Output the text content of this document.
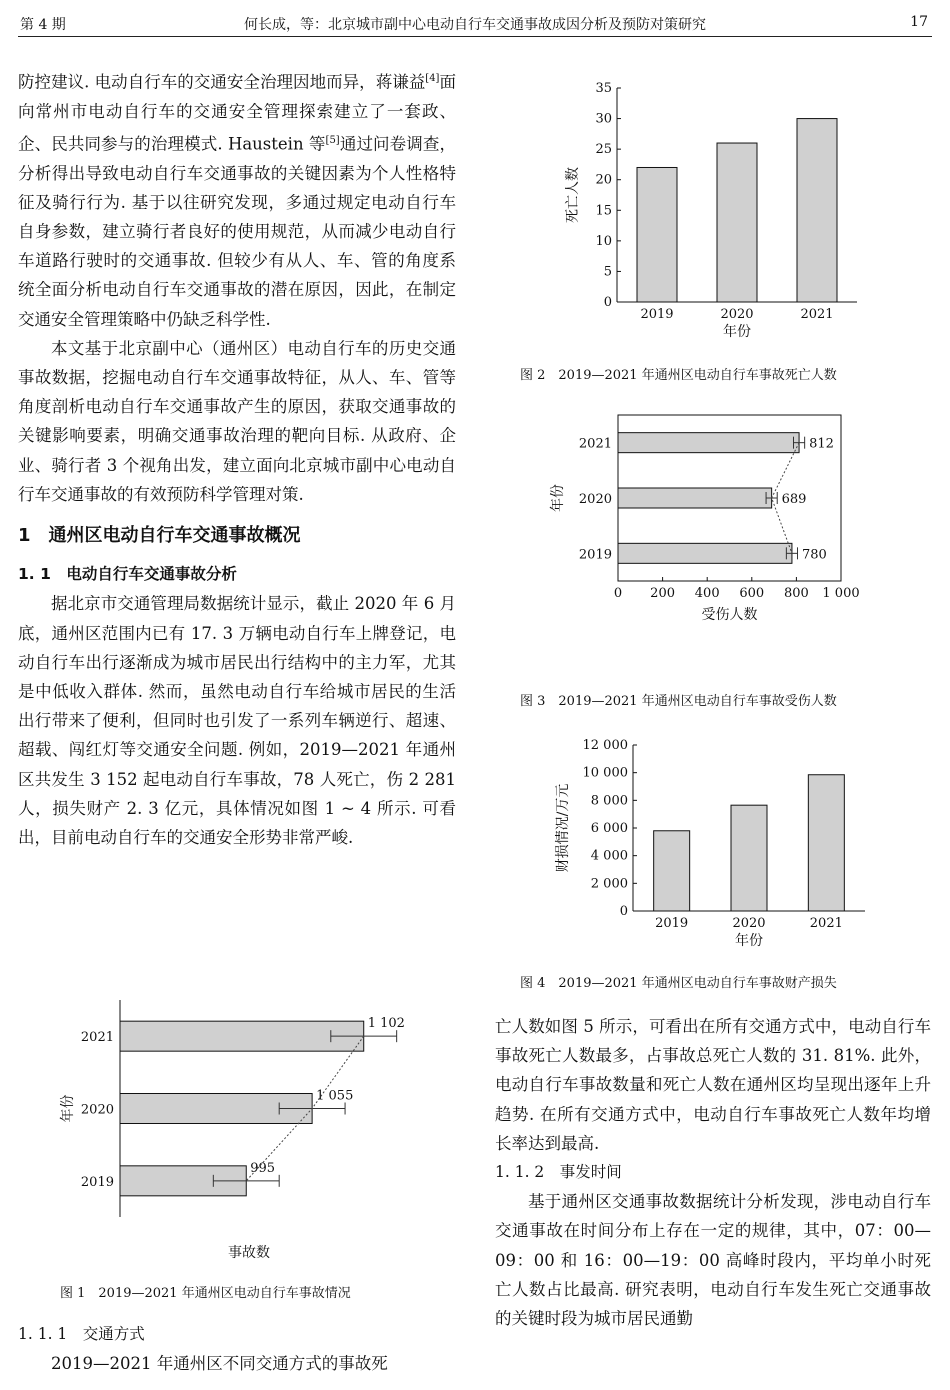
第 4 期	何长成，等：北京城市副中心电动自行车交通事故成因分析及预防对策研究	17

防控建议. 电动自行车的交通安全治理因地而异，蒋谦益[4]面向常州市电动自行车的交通安全管理探索建立了一套政、企、民共同参与的治理模式. Haustein 等[5]通过问卷调查，分析得出导致电动自行车交通事故的关键因素为个人性格特征及骑行行为. 基于以往研究发现，多通过规定电动自行车自身参数，建立骑行者良好的使用规范，从而减少电动自行车道路行驶时的交通事故. 但较少有从人、车、管的角度系统全面分析电动自行车交通事故的潜在原因，因此，在制定交通安全管理策略中仍缺乏科学性.

本文基于北京副中心（通州区）电动自行车的历史交通事故数据，挖掘电动自行车交通事故特征，从人、车、管等角度剖析电动自行车交通事故产生的原因，获取交通事故的关键影响要素，明确交通事故治理的靶向目标. 从政府、企业、骑行者 3 个视角出发，建立面向北京城市副中心电动自行车交通事故的有效预防科学管理对策.

1　通州区电动自行车交通事故概况

1. 1　电动自行车交通事故分析

据北京市交通管理局数据统计显示，截止 2020 年 6 月底，通州区范围内已有 17. 3 万辆电动自行车上牌登记，电动自行车出行逐渐成为城市居民出行结构中的主力军，尤其是中低收入群体. 然而，虽然电动自行车给城市居民的生活出行带来了便利，但同时也引发了一系列车辆逆行、超速、超载、闯红灯等交通安全问题. 例如，2019—2021 年通州区共发生 3 152 起电动自行车事故，78 人死亡，伤 2 281 人，损失财产 2. 3 亿元，具体情况如图 1 ~ 4 所示. 可看出，目前电动自行车的交通安全形势非常严峻.

2021
1 102
2020
1 055
2019
995
事故数
年份
图 1　2019—2021 年通州区电动自行车事故情况

1. 1. 1　交通方式

2019—2021 年通州区不同交通方式的事故死

0
5
10
15
20
25
30
35
2019	2020	2021
年份
死亡人数
图 2　2019—2021 年通州区电动自行车事故死亡人数
2021	812
2020	689
2019	780
0 200 400 600 800 1 000
受伤人数
年份
图 3　2019—2021 年通州区电动自行车事故受伤人数
0
2 000
4 000
6 000
8 000
10 000
12 000
2019	2020	2021
年份
财损情况/万元
图 4　2019—2021 年通州区电动自行车事故财产损失

亡人数如图 5 所示，可看出在所有交通方式中，电动自行车事故死亡人数最多，占事故总死亡人数的 31. 81%. 此外，电动自行车事故数量和死亡人数在通州区均呈现出逐年上升趋势. 在所有交通方式中，电动自行车事故死亡人数年均增长率达到最高.

1. 1. 2　事发时间

基于通州区交通事故数据统计分析发现，涉电动自行车交通事故在时间分布上存在一定的规律，其中，07：00—09：00 和 16：00—19：00 高峰时段内，平均单小时死亡人数占比最高. 研究表明，电动自行车发生死亡交通事故的关键时段为城市居民通勤
